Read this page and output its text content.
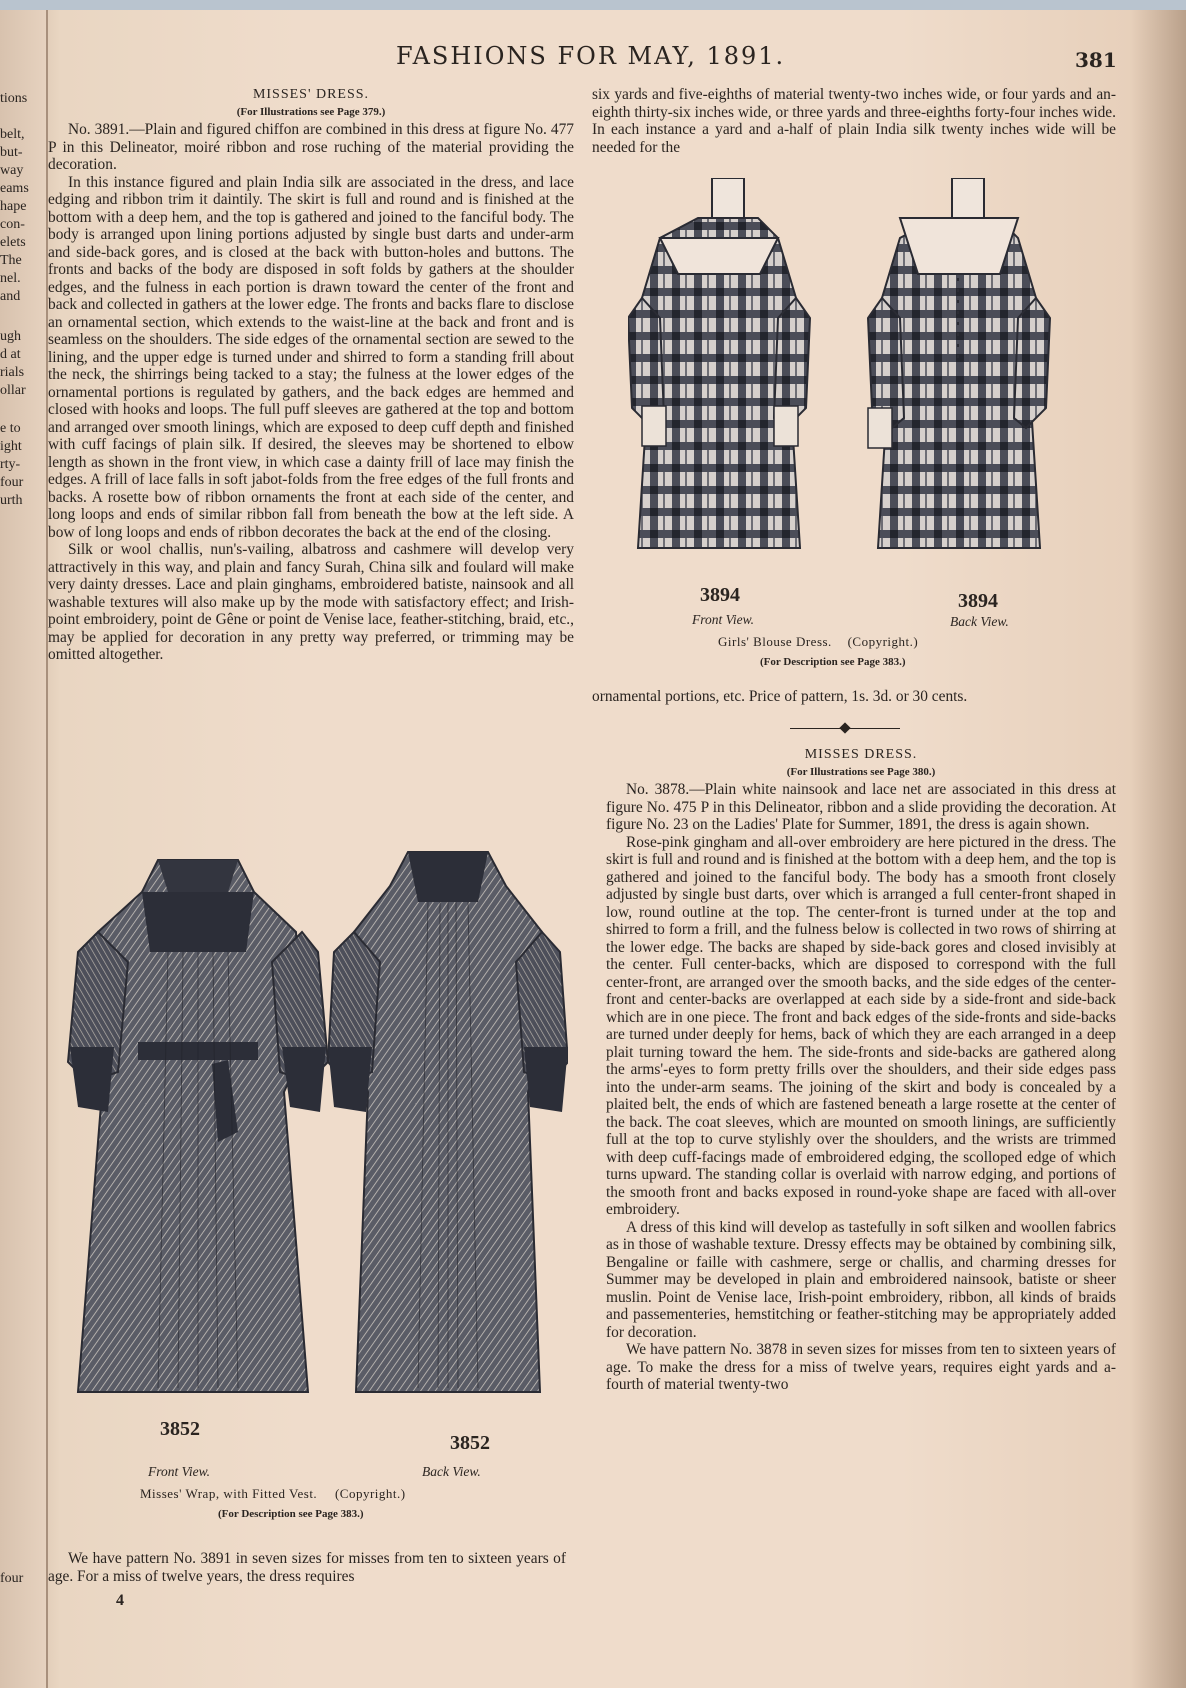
tions
belt,
but-
way
eams
hape
con-
elets
The
nel.
and
ugh
d at
rials
ollar
e to
ight
rty-
four
urth
four
FASHIONS FOR MAY, 1891.	381

MISSES' DRESS.

(For Illustrations see Page 379.)

No. 3891.—Plain and figured chiffon are combined in this dress at figure No. 477 P in this Delineator, moiré ribbon and rose ruching of the material providing the decoration.

In this instance figured and plain India silk are associated in the dress, and lace edging and ribbon trim it daintily. The skirt is full and round and is finished at the bottom with a deep hem, and the top is gathered and joined to the fanciful body. The body is arranged upon lining portions adjusted by single bust darts and under-arm and side-back gores, and is closed at the back with button-holes and buttons. The fronts and backs of the body are disposed in soft folds by gathers at the shoulder edges, and the fulness in each portion is drawn toward the center of the front and back and collected in gathers at the lower edge. The fronts and backs flare to disclose an ornamental section, which extends to the waist-line at the back and front and is seamless on the shoulders. The side edges of the ornamental section are sewed to the lining, and the upper edge is turned under and shirred to form a standing frill about the neck, the shirrings being tacked to a stay; the fulness at the lower edges of the ornamental portions is regulated by gathers, and the back edges are hemmed and closed with hooks and loops. The full puff sleeves are gathered at the top and bottom and arranged over smooth linings, which are exposed to deep cuff depth and finished with cuff facings of plain silk. If desired, the sleeves may be shortened to elbow length as shown in the front view, in which case a dainty frill of lace may finish the edges. A frill of lace falls in soft jabot-folds from the free edges of the full fronts and backs. A rosette bow of ribbon ornaments the front at each side of the center, and long loops and ends of similar ribbon fall from beneath the bow at the left side. A bow of long loops and ends of ribbon decorates the back at the end of the closing.

Silk or wool challis, nun's-vailing, albatross and cashmere will develop very attractively in this way, and plain and fancy Surah, China silk and foulard will make very dainty dresses. Lace and plain ginghams, embroidered batiste, nainsook and all washable textures will also make up by the mode with satisfactory effect; and Irish-point embroidery, point de Gêne or point de Venise lace, feather-stitching, braid, etc., may be applied for decoration in any pretty way preferred, or trimming may be omitted altogether.

3852
3852
Front View.	Back View.
Misses' Wrap, with Fitted Vest. (Copyright.)
(For Description see Page 383.)

We have pattern No. 3891 in seven sizes for misses from ten to sixteen years of age. For a miss of twelve years, the dress requires

4

six yards and five-eighths of material twenty-two inches wide, or four yards and an-eighth thirty-six inches wide, or three yards and three-eighths forty-four inches wide. In each instance a yard and a-half of plain India silk twenty inches wide will be needed for the

3894	3894
Front View.	Back View.
Girls' Blouse Dress. (Copyright.)
(For Description see Page 383.)

ornamental portions, etc. Price of pattern, 1s. 3d. or 30 cents.

MISSES DRESS.

(For Illustrations see Page 380.)

No. 3878.—Plain white nainsook and lace net are associated in this dress at figure No. 475 P in this Delineator, ribbon and a slide providing the decoration. At figure No. 23 on the Ladies' Plate for Summer, 1891, the dress is again shown.

Rose-pink gingham and all-over embroidery are here pictured in the dress. The skirt is full and round and is finished at the bottom with a deep hem, and the top is gathered and joined to the fanciful body. The body has a smooth front closely adjusted by single bust darts, over which is arranged a full center-front shaped in low, round outline at the top. The center-front is turned under at the top and shirred to form a frill, and the fulness below is collected in two rows of shirring at the lower edge. The backs are shaped by side-back gores and closed invisibly at the center. Full center-backs, which are disposed to correspond with the full center-front, are arranged over the smooth backs, and the side edges of the center-front and center-backs are overlapped at each side by a side-front and side-back which are in one piece. The front and back edges of the side-fronts and side-backs are turned under deeply for hems, back of which they are each arranged in a deep plait turning toward the hem. The side-fronts and side-backs are gathered along the arms'-eyes to form pretty frills over the shoulders, and their side edges pass into the under-arm seams. The joining of the skirt and body is concealed by a plaited belt, the ends of which are fastened beneath a large rosette at the center of the back. The coat sleeves, which are mounted on smooth linings, are sufficiently full at the top to curve stylishly over the shoulders, and the wrists are trimmed with deep cuff-facings made of embroidered edging, the scolloped edge of which turns upward. The standing collar is overlaid with narrow edging, and portions of the smooth front and backs exposed in round-yoke shape are faced with all-over embroidery.

A dress of this kind will develop as tastefully in soft silken and woollen fabrics as in those of washable texture. Dressy effects may be obtained by combining silk, Bengaline or faille with cashmere, serge or challis, and charming dresses for Summer may be developed in plain and embroidered nainsook, batiste or sheer muslin. Point de Venise lace, Irish-point embroidery, ribbon, all kinds of braids and passementeries, hemstitching or feather-stitching may be appropriately added for decoration.

We have pattern No. 3878 in seven sizes for misses from ten to sixteen years of age. To make the dress for a miss of twelve years, requires eight yards and a-fourth of material twenty-two
